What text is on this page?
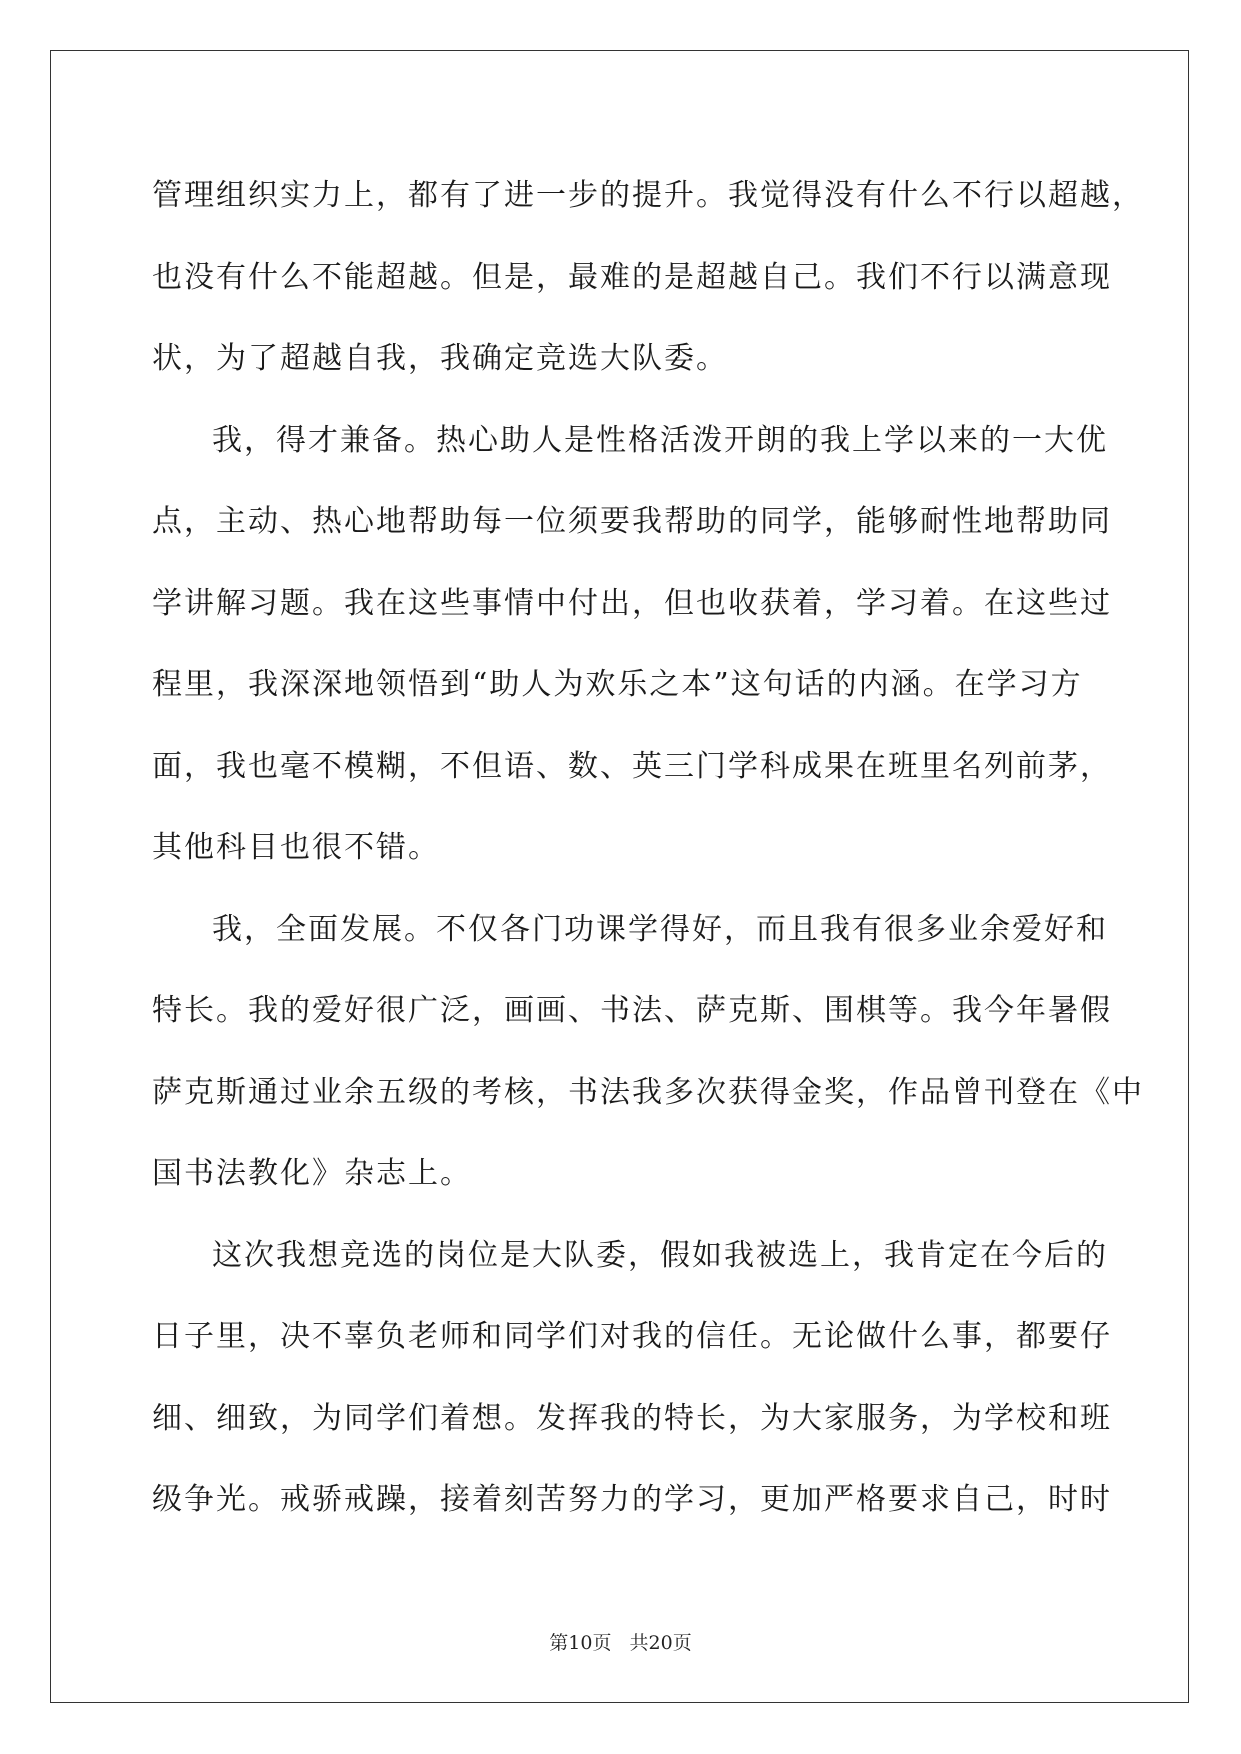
管理组织实力上，都有了进一步的提升。我觉得没有什么不行以超越，
也没有什么不能超越。但是，最难的是超越自己。我们不行以满意现
状，为了超越自我，我确定竞选大队委。

我，得才兼备。热心助人是性格活泼开朗的我上学以来的一大优
点，主动、热心地帮助每一位须要我帮助的同学，能够耐性地帮助同
学讲解习题。我在这些事情中付出，但也收获着，学习着。在这些过
程里，我深深地领悟到“助人为欢乐之本”这句话的内涵。在学习方
面，我也毫不模糊，不但语、数、英三门学科成果在班里名列前茅，
其他科目也很不错。

我，全面发展。不仅各门功课学得好，而且我有很多业余爱好和
特长。我的爱好很广泛，画画、书法、萨克斯、围棋等。我今年暑假
萨克斯通过业余五级的考核，书法我多次获得金奖，作品曾刊登在《中
国书法教化》杂志上。

这次我想竞选的岗位是大队委，假如我被选上，我肯定在今后的
日子里，决不辜负老师和同学们对我的信任。无论做什么事，都要仔
细、细致，为同学们着想。发挥我的特长，为大家服务，为学校和班
级争光。戒骄戒躁，接着刻苦努力的学习，更加严格要求自己，时时

第10页 共20页
